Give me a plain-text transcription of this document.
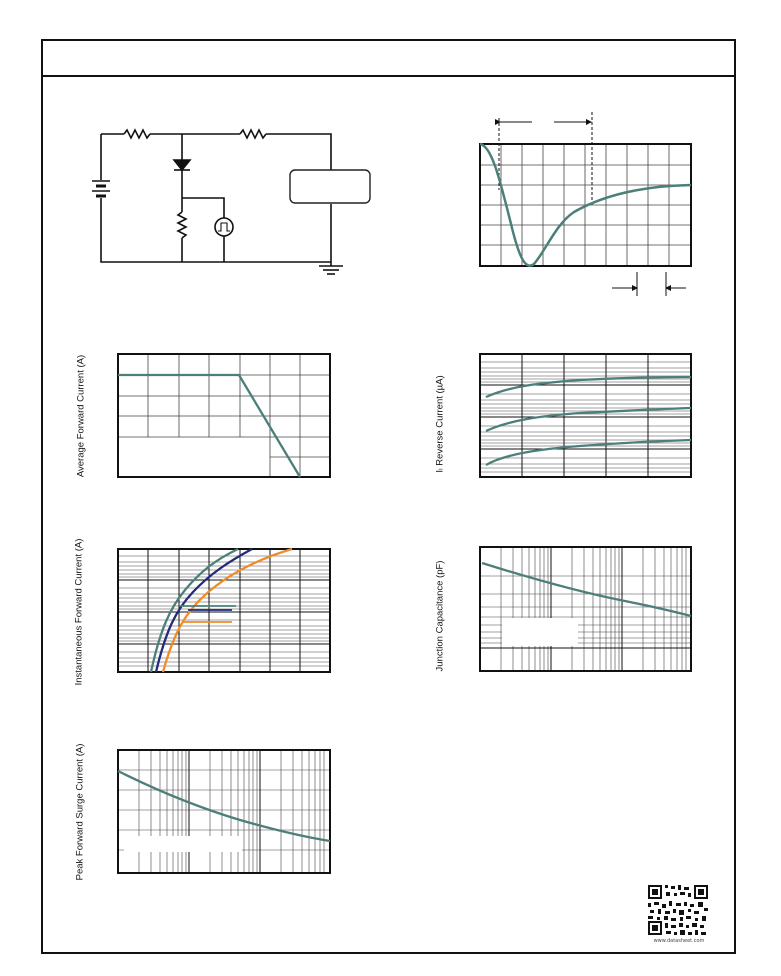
Average Forward Current (A)	Iₗ Reverse Current (µA)
Instantaneous Forward Current (A)	Junction Capacitance (pF)
Peak Forward Surge Current (A)
www.datasheet.com
